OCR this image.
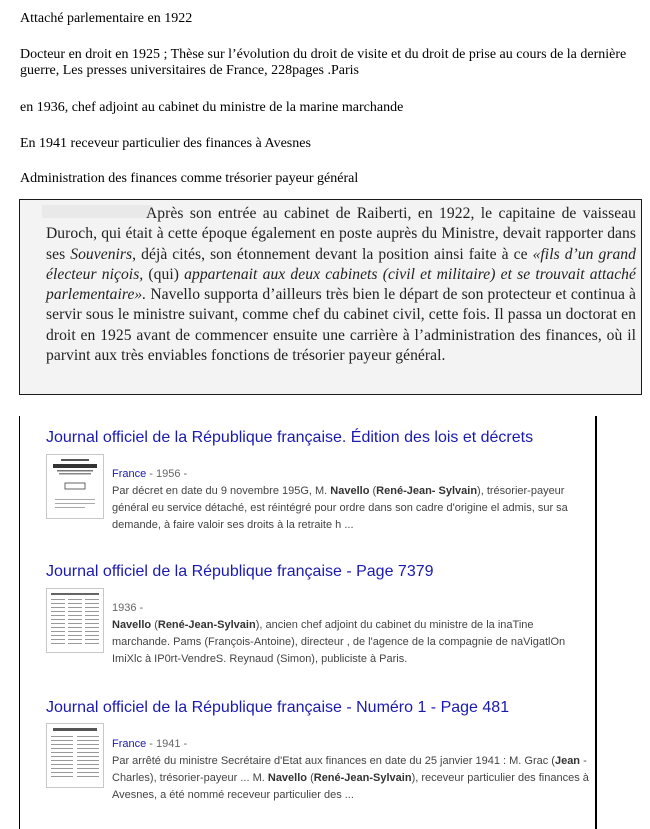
Attaché parlementaire en 1922

Docteur en droit en 1925 ; Thèse sur l’évolution du droit de visite et du droit de prise au cours de la dernière guerre, Les presses universitaires de France, 228pages .Paris

en 1936, chef adjoint au cabinet du ministre de la marine marchande

En 1941 receveur particulier des finances à Avesnes

Administration des finances comme trésorier payeur général

Après son entrée au cabinet de Raiberti, en 1922, le capitaine de vaisseau Duroch, qui était à cette époque également en poste auprès du Ministre, devait rapporter dans ses Souvenirs, déjà cités, son étonnement devant la position ainsi faite à ce «fils d’un grand électeur niçois, (qui) appartenait aux deux cabinets (civil et militaire) et se trouvait attaché parlementaire». Navello supporta d’ailleurs très bien le départ de son protecteur et continua à servir sous le ministre suivant, comme chef du cabinet civil, cette fois. Il passa un doctorat en droit en 1925 avant de commencer ensuite une carrière à l’administration des finances, où il parvint aux très enviables fonctions de trésorier payeur général.
Journal officiel de la République française. Édition des lois et décrets
France - 1956 -
Par décret en date du 9 novembre 195G, M. Navello (René-Jean- Sylvain), trésorier-payeur général eu service détaché, est réintégré pour ordre dans son cadre d'origine el admis, sur sa demande, à faire valoir ses droits à la retraite h ...
Journal officiel de la République française - Page 7379
1936 -
Navello (René-Jean-Sylvain), ancien chef adjoint du cabinet du ministre de la inaTine marchande. Pams (François-Antoine), directeur , de l'agence de la compagnie de naVigatlOn ImiXlc à IP0rt-VendreS. Reynaud (Simon), publiciste à Paris.
Journal officiel de la République française - Numéro 1 - Page 481
France - 1941 -
Par arrêté du ministre Secrétaire d'Etat aux finances en date du 25 janvier 1941 : M. Grac (Jean - Charles), trésorier-payeur ... M. Navello (René-Jean-Sylvain), receveur particulier des finances à Avesnes, a été nommé receveur particulier des ...
